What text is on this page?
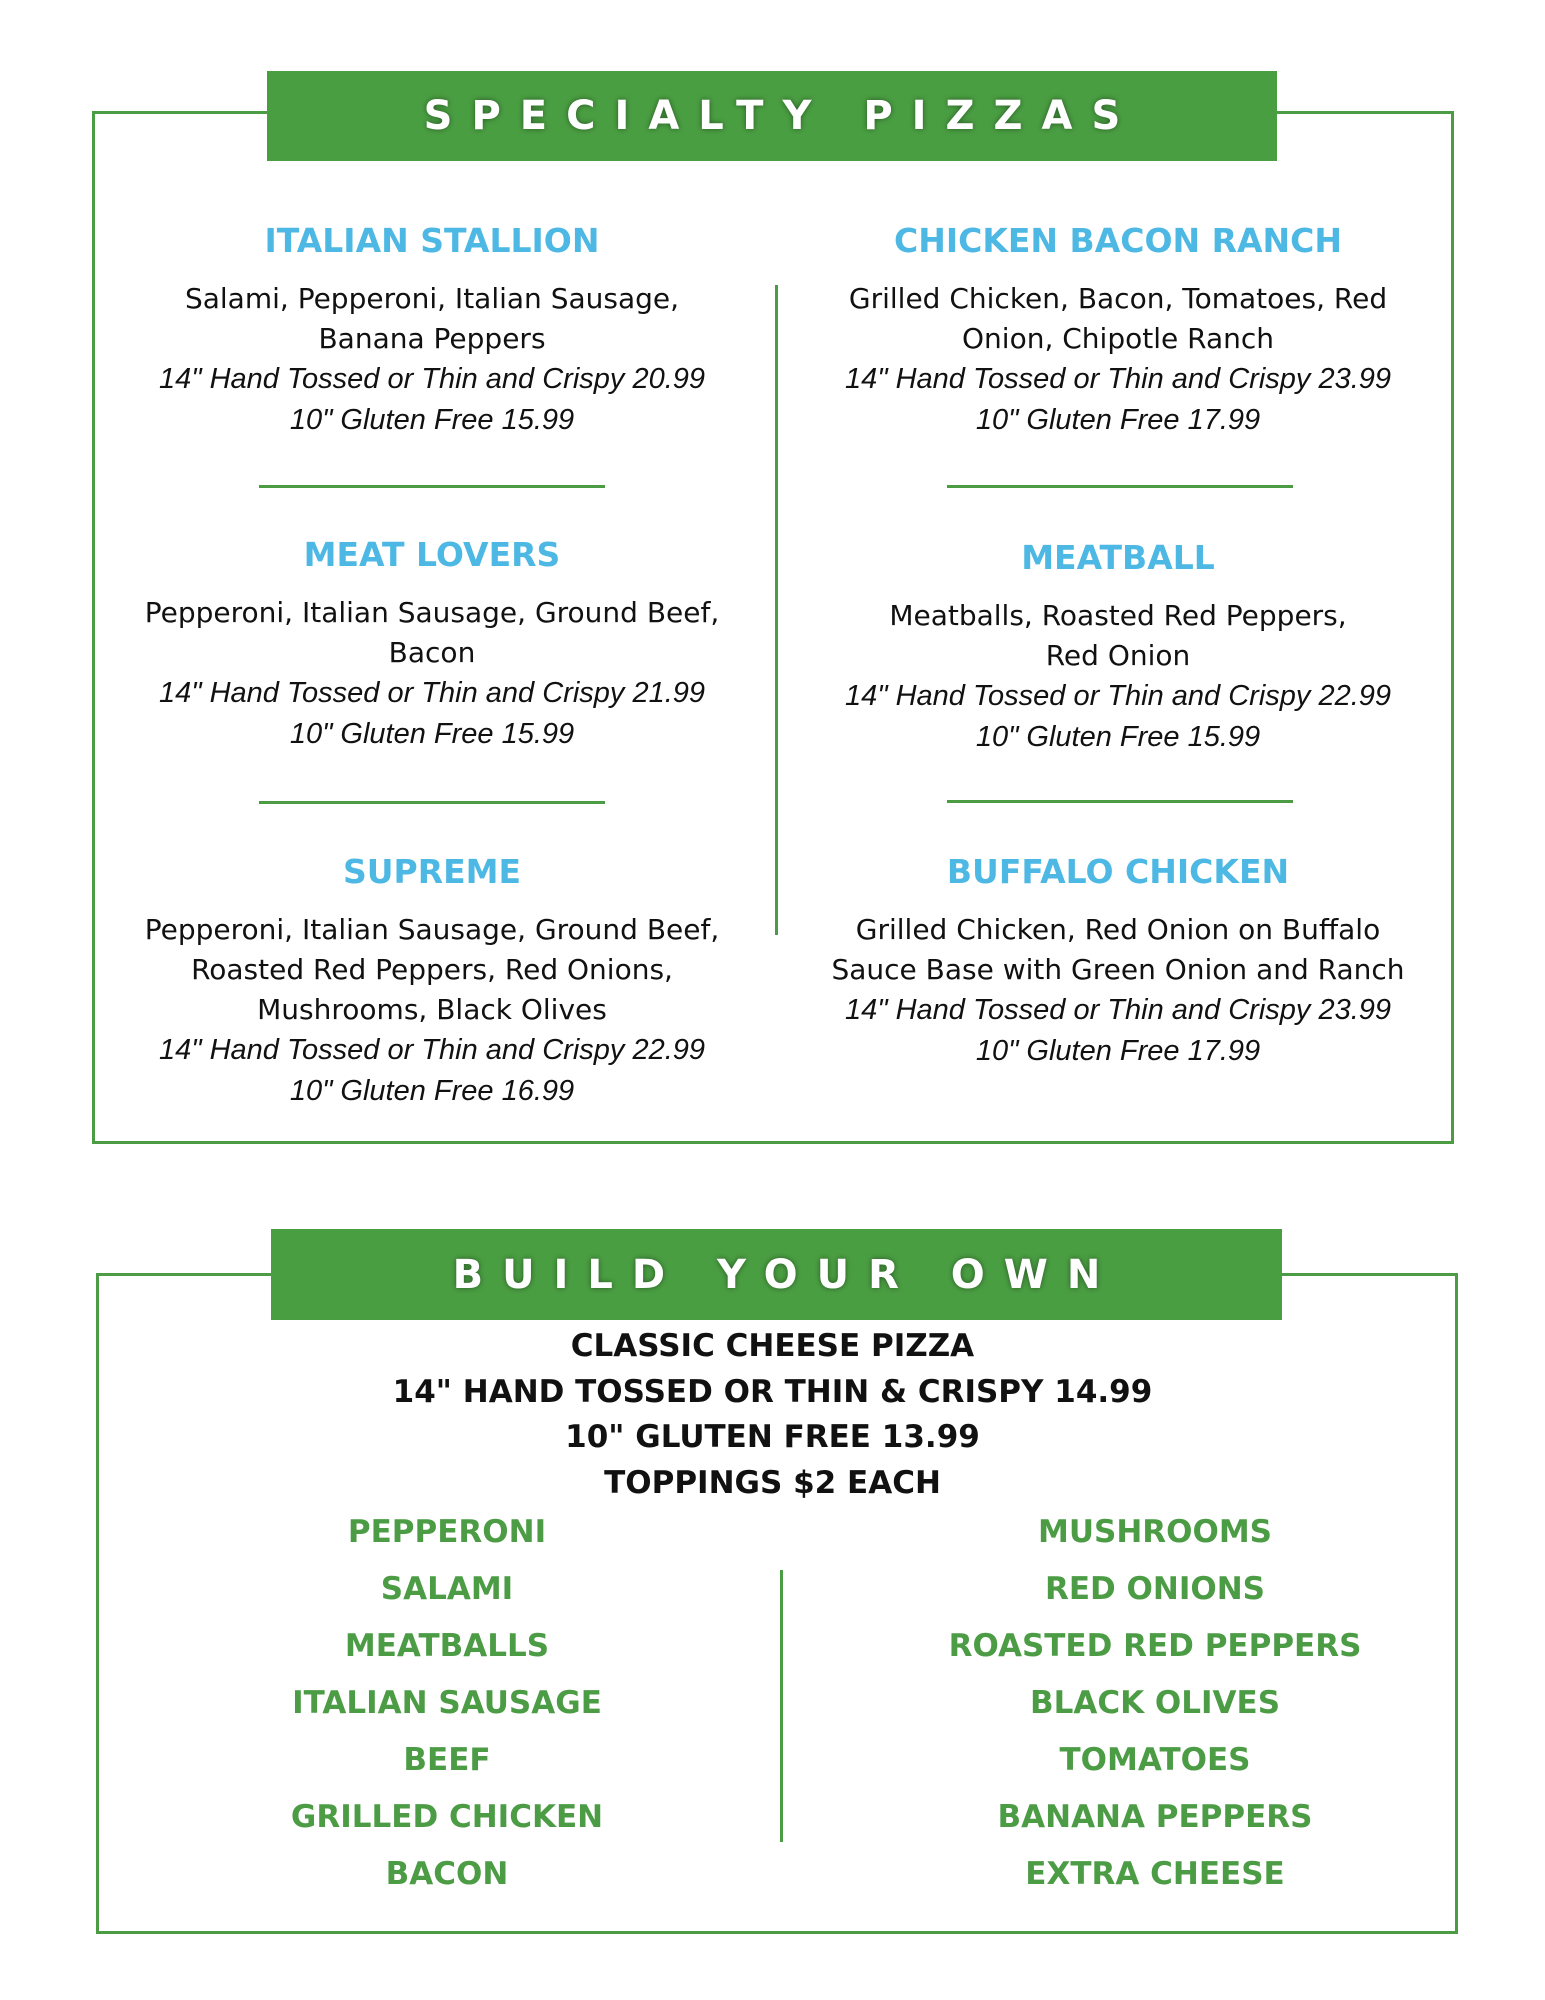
SPECIALTY PIZZAS
ITALIAN STALLION
Salami, Pepperoni, Italian Sausage,
Banana Peppers
14" Hand Tossed or Thin and Crispy 20.99
10" Gluten Free 15.99
MEAT LOVERS
Pepperoni, Italian Sausage, Ground Beef,
Bacon
14" Hand Tossed or Thin and Crispy 21.99
10" Gluten Free 15.99
SUPREME
Pepperoni, Italian Sausage, Ground Beef,
Roasted Red Peppers, Red Onions,
Mushrooms, Black Olives
14" Hand Tossed or Thin and Crispy 22.99
10" Gluten Free 16.99
CHICKEN BACON RANCH
Grilled Chicken, Bacon, Tomatoes, Red
Onion, Chipotle Ranch
14" Hand Tossed or Thin and Crispy 23.99
10" Gluten Free 17.99
MEATBALL
Meatballs, Roasted Red Peppers,
Red Onion
14" Hand Tossed or Thin and Crispy 22.99
10" Gluten Free 15.99
BUFFALO CHICKEN
Grilled Chicken, Red Onion on Buffalo
Sauce Base with Green Onion and Ranch
14" Hand Tossed or Thin and Crispy 23.99
10" Gluten Free 17.99
BUILD YOUR OWN
CLASSIC CHEESE PIZZA
14" HAND TOSSED OR THIN & CRISPY 14.99
10" GLUTEN FREE 13.99
TOPPINGS $2 EACH
PEPPERONI
SALAMI
MEATBALLS
ITALIAN SAUSAGE
BEEF
GRILLED CHICKEN
BACON
MUSHROOMS
RED ONIONS
ROASTED RED PEPPERS
BLACK OLIVES
TOMATOES
BANANA PEPPERS
EXTRA CHEESE
